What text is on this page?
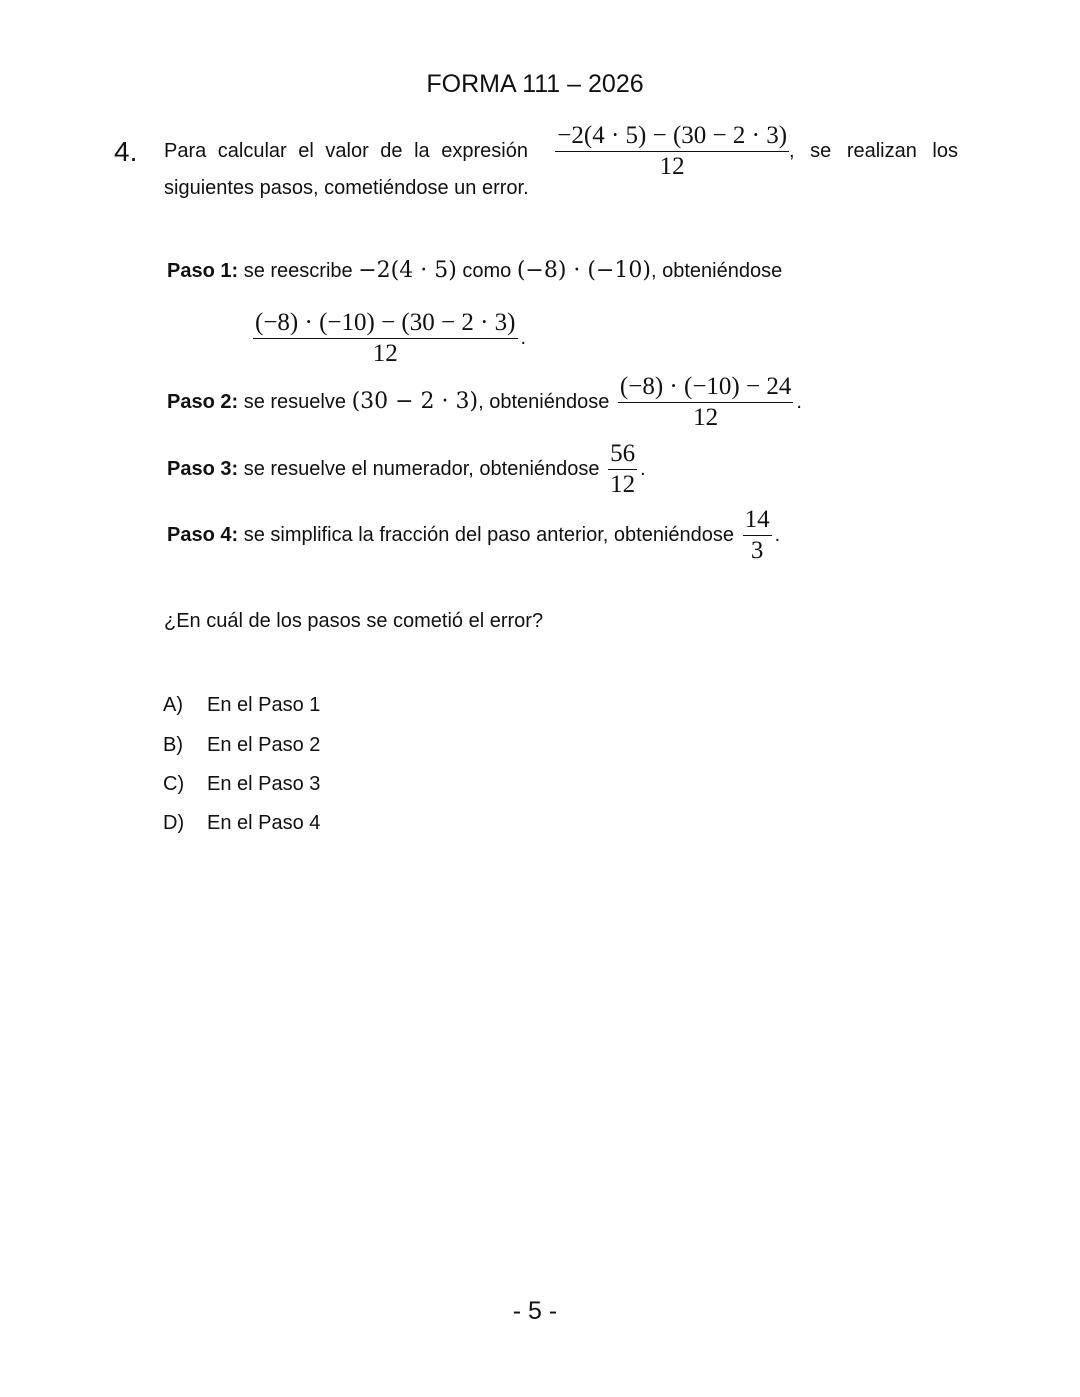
FORMA 111 – 2026
4. Para calcular el valor de la expresión $\frac{-2(4 \cdot 5) - (30 - 2 \cdot 3)}{12}$ , se realizan los
siguientes pasos, cometiéndose un error.
Paso 1: se reescribe −2(4 · 5) como (−8) · (−10), obteniéndose
$\frac{(-8) \cdot (-10) - (30 - 2 \cdot 3)}{12}$ .
Paso 2: se resuelve (30 − 2 · 3), obteniéndose $\frac{(-8) \cdot (-10) - 24}{12}$ .
Paso 3: se resuelve el numerador, obteniéndose $\frac{56}{12}$ .
Paso 4: se simplifica la fracción del paso anterior, obteniéndose $\frac{14}{3}$ .
¿En cuál de los pasos se cometió el error?
A) En el Paso 1
B) En el Paso 2
C) En el Paso 3
D) En el Paso 4
- 5 -
